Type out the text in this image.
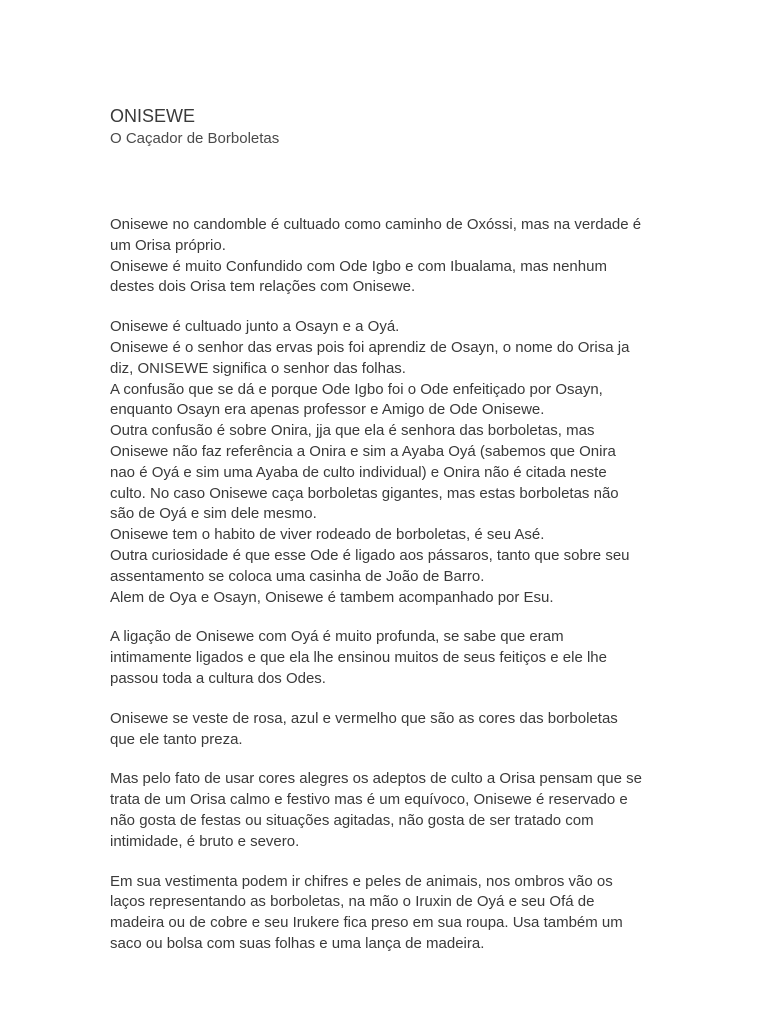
ONISEWE
O Caçador de Borboletas

Onisewe no candomble é cultuado como caminho de Oxóssi, mas na verdade é
um Orisa próprio.
Onisewe é muito Confundido com Ode Igbo e com Ibualama, mas nenhum
destes dois Orisa tem relações com Onisewe.

Onisewe é cultuado junto a Osayn e a Oyá.
Onisewe é o senhor das ervas pois foi aprendiz de Osayn, o nome do Orisa ja
diz, ONISEWE significa o senhor das folhas.
A confusão que se dá e porque Ode Igbo foi o Ode enfeitiçado por Osayn,
enquanto Osayn era apenas professor e Amigo de Ode Onisewe.
Outra confusão é sobre Onira, jja que ela é senhora das borboletas, mas
Onisewe não faz referência a Onira e sim a Ayaba Oyá (sabemos que Onira
nao é Oyá e sim uma Ayaba de culto individual) e Onira não é citada neste
culto. No caso Onisewe caça borboletas gigantes, mas estas borboletas não
são de Oyá e sim dele mesmo.
Onisewe tem o habito de viver rodeado de borboletas, é seu Asé.
Outra curiosidade é que esse Ode é ligado aos pássaros, tanto que sobre seu
assentamento se coloca uma casinha de João de Barro.
Alem de Oya e Osayn, Onisewe é tambem acompanhado por Esu.

A ligação de Onisewe com Oyá é muito profunda, se sabe que eram
intimamente ligados e que ela lhe ensinou muitos de seus feitiços e ele lhe
passou toda a cultura dos Odes.

Onisewe se veste de rosa, azul e vermelho que são as cores das borboletas
que ele tanto preza.

Mas pelo fato de usar cores alegres os adeptos de culto a Orisa pensam que se
trata de um Orisa calmo e festivo mas é um equívoco, Onisewe é reservado e
não gosta de festas ou situações agitadas, não gosta de ser tratado com
intimidade, é bruto e severo.

Em sua vestimenta podem ir chifres e peles de animais, nos ombros vão os
laços representando as borboletas, na mão o Iruxin de Oyá e seu Ofá de
madeira ou de cobre e seu Irukere fica preso em sua roupa. Usa também um
saco ou bolsa com suas folhas e uma lança de madeira.
